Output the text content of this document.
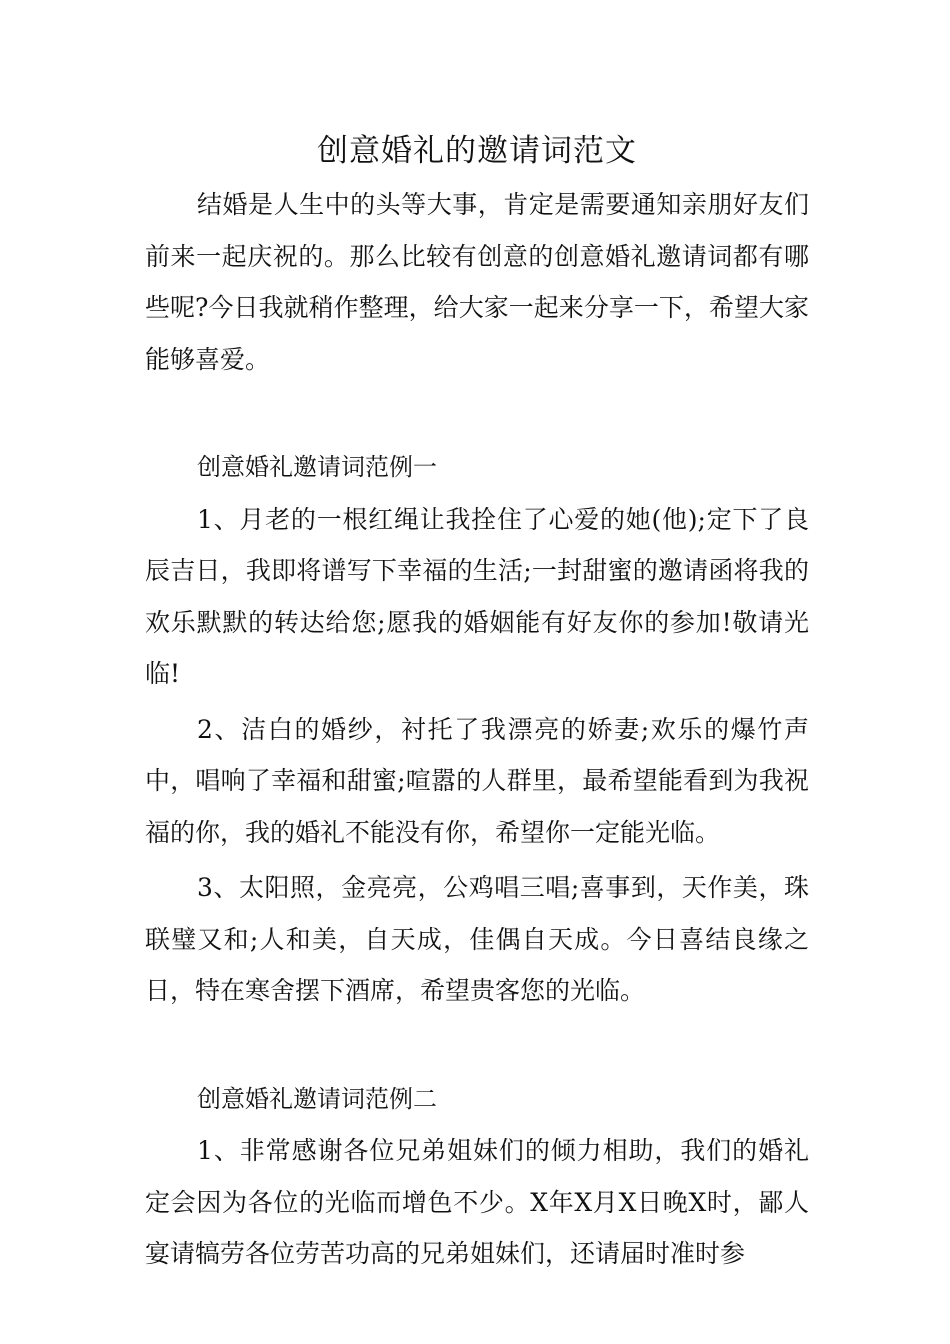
创意婚礼的邀请词范文

结婚是人生中的头等大事，肯定是需要通知亲朋好友们前来一起庆祝的。那么比较有创意的创意婚礼邀请词都有哪些呢?今日我就稍作整理，给大家一起来分享一下，希望大家能够喜爱。

创意婚礼邀请词范例一

1、月老的一根红绳让我拴住了心爱的她(他);定下了良辰吉日，我即将谱写下幸福的生活;一封甜蜜的邀请函将我的欢乐默默的转达给您;愿我的婚姻能有好友你的参加!敬请光临!

2、洁白的婚纱，衬托了我漂亮的娇妻;欢乐的爆竹声中，唱响了幸福和甜蜜;喧嚣的人群里，最希望能看到为我祝福的你，我的婚礼不能没有你，希望你一定能光临。

3、太阳照，金亮亮，公鸡唱三唱;喜事到，天作美，珠联璧又和;人和美，自天成，佳偶自天成。今日喜结良缘之日，特在寒舍摆下酒席，希望贵客您的光临。

创意婚礼邀请词范例二

1、非常感谢各位兄弟姐妹们的倾力相助，我们的婚礼定会因为各位的光临而增色不少。X年X月X日晚X时，鄙人宴请犒劳各位劳苦功高的兄弟姐妹们，还请届时准时参
